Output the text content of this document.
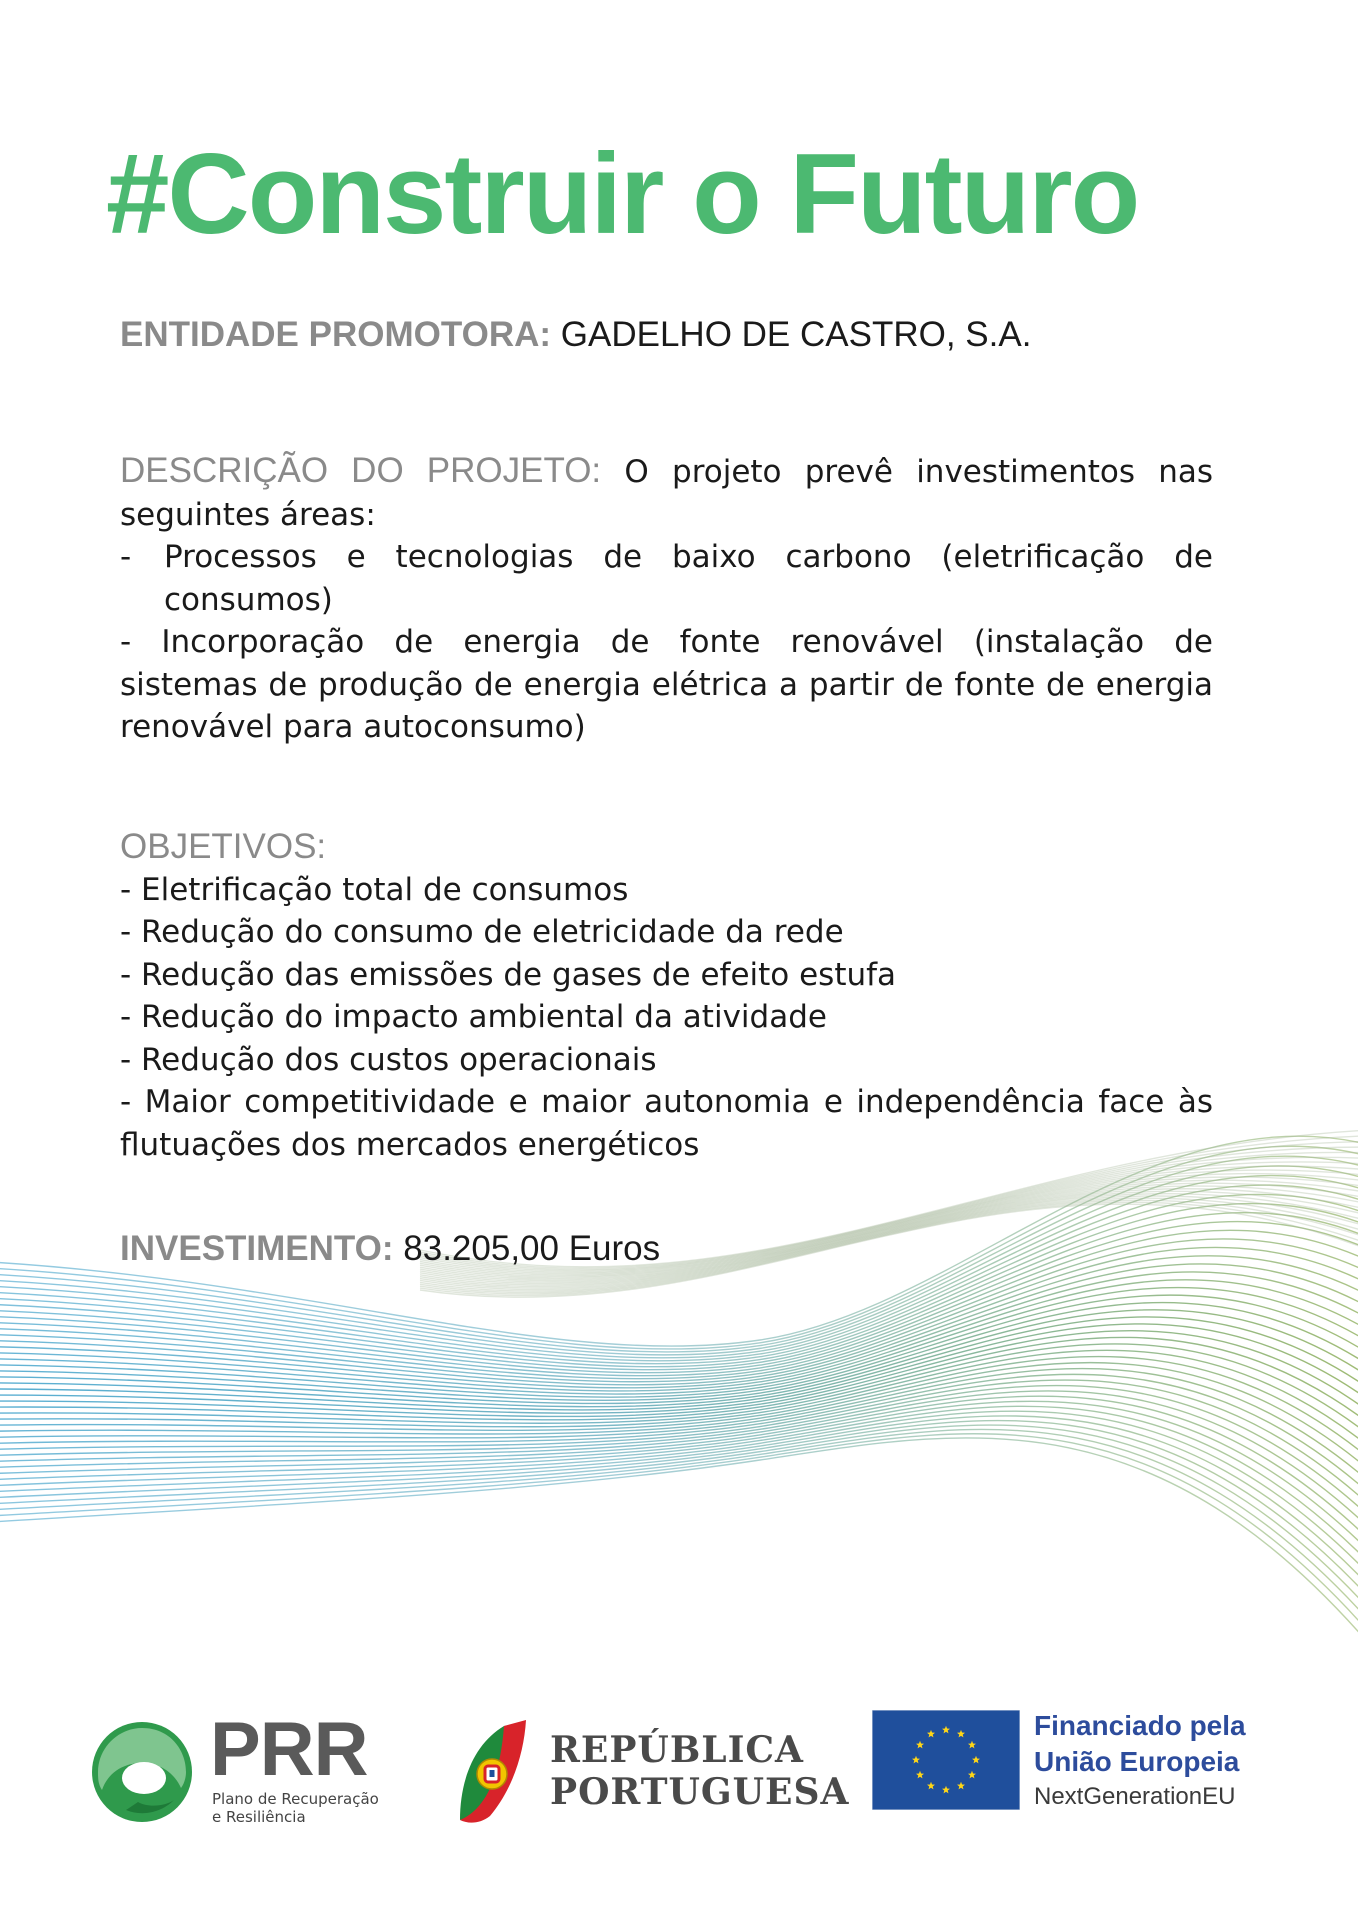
#Construir o Futuro
ENTIDADE PROMOTORA: GADELHO DE CASTRO, S.A.
DESCRIÇÃO DO PROJETO: O projeto prevê investimentos nas
seguintes áreas:
-	Processos e tecnologias de baixo carbono (eletrificação de
consumos)
- Incorporação de energia de fonte renovável (instalação de
sistemas de produção de energia elétrica a partir de fonte de energia
renovável para autoconsumo)
OBJETIVOS:
- Eletrificação total de consumos
- Redução do consumo de eletricidade da rede
- Redução das emissões de gases de efeito estufa
- Redução do impacto ambiental da atividade
- Redução dos custos operacionais
- Maior competitividade e maior autonomia e independência face às
flutuações dos mercados energéticos
INVESTIMENTO: 83.205,00 Euros
PRR
Plano de Recuperação
e Resiliência
REPÚBLICA
PORTUGUESA
Financiado pela
União Europeia
NextGenerationEU
